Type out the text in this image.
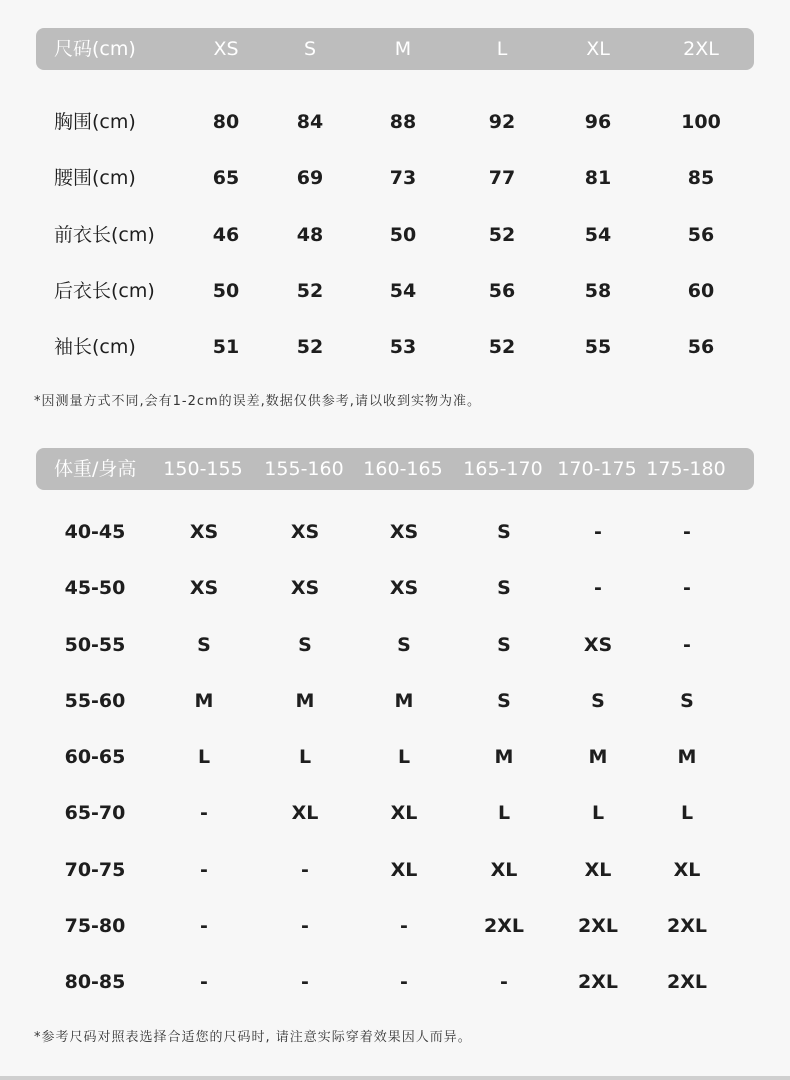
尺码(cm)	XS	S	M	L	XL	2XL
胸围(cm)	80	84	88	92	96	100
腰围(cm)	65	69	73	77	81	85
前衣长(cm)	46	48	50	52	54	56
后衣长(cm)	50	52	54	56	58	60
袖长(cm)	51	52	53	52	55	56
*因测量方式不同,会有1-2cm的误差,数据仅供参考,请以收到实物为准。
体重/身高 150-155 155-160 160-165 165-170 170-175 175-180
40-45	XS	XS	XS	S	-	-
45-50	XS	XS	XS	S	-	-
50-55	S	S	S	S	XS	-
55-60	M	M	M	S	S	S
60-65	L	L	L	M	M	M
65-70	-	XL	XL	L	L	L
70-75	-	-	XL	XL	XL	XL
75-80	-	-	-	2XL	2XL	2XL
80-85	-	-	-	-	2XL	2XL
*参考尺码对照表选择合适您的尺码时, 请注意实际穿着效果因人而异。
